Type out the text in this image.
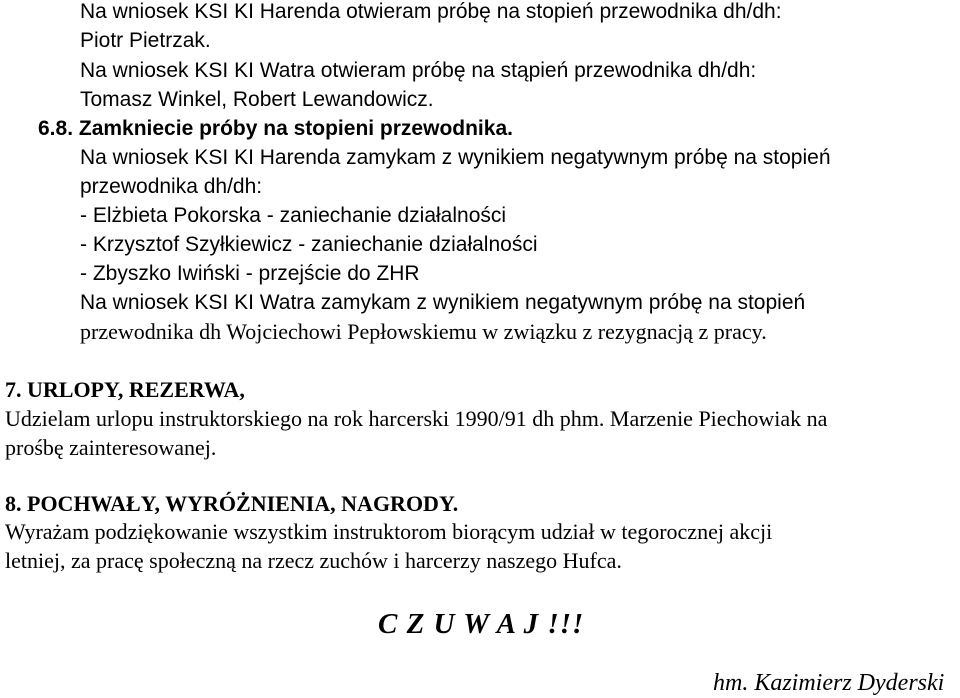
Na wniosek KSI KI Harenda otwieram próbę na stopień przewodnika dh/dh:
Piotr Pietrzak.
Na wniosek KSI KI Watra otwieram próbę na stąpień przewodnika dh/dh:
Tomasz Winkel, Robert Lewandowicz.
6.8. Zamkniecie próby na stopieni przewodnika.
Na wniosek KSI KI Harenda zamykam z wynikiem negatywnym próbę na stopień
przewodnika dh/dh:
- Elżbieta Pokorska - zaniechanie działalności
- Krzysztof Szyłkiewicz - zaniechanie działalności
- Zbyszko Iwiński - przejście do ZHR
Na wniosek KSI KI Watra zamykam z wynikiem negatywnym próbę na stopień
przewodnika dh Wojciechowi Pepłowskiemu w związku z rezygnacją z pracy.
7. URLOPY, REZERWA,
Udzielam urlopu instruktorskiego na rok harcerski 1990/91 dh phm. Marzenie Piechowiak na
prośbę zainteresowanej.
8. POCHWAŁY, WYRÓŻNIENIA, NAGRODY.
Wyrażam podziękowanie wszystkim instruktorom biorącym udział w tegorocznej akcji
letniej, za pracę społeczną na rzecz zuchów i harcerzy naszego Hufca.
C Z U W A J !!!
hm. Kazimierz Dyderski
